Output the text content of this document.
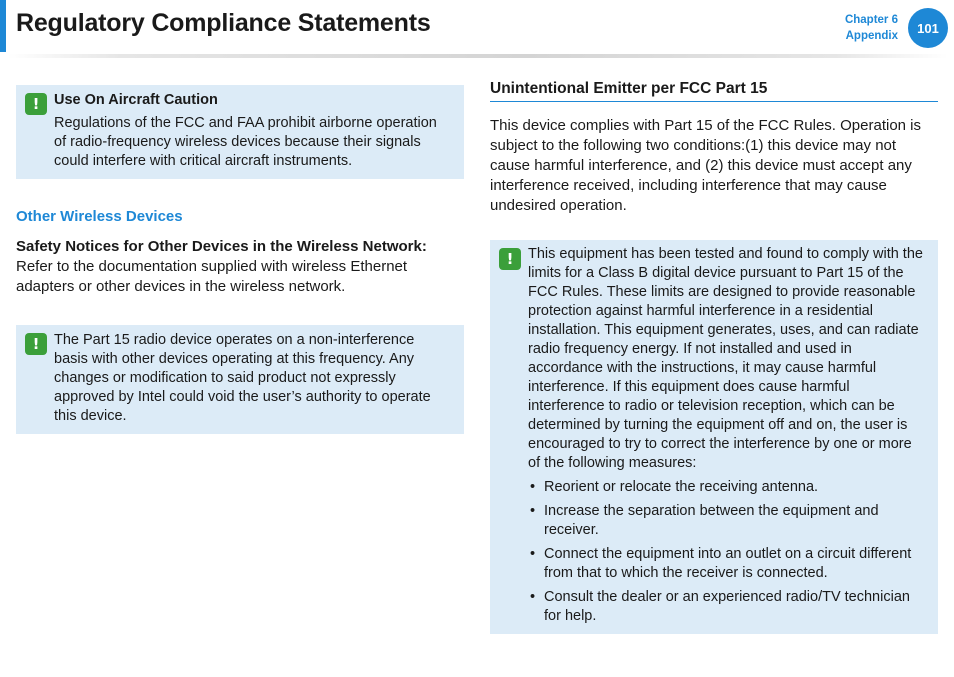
Regulatory Compliance Statements	Chapter 6
Appendix
101
!	Use On Aircraft Caution

Regulations of the FCC and FAA prohibit airborne operation of radio-frequency wireless devices because their signals could interfere with critical aircraft instruments.

Other Wireless Devices

Safety Notices for Other Devices in the Wireless Network:
Refer to the documentation supplied with wireless Ethernet adapters or other devices in the wireless network.

!	The Part 15 radio device operates on a non-interference basis with other devices operating at this frequency. Any changes or modification to said product not expressly approved by Intel could void the user’s authority to operate this device.

Unintentional Emitter per FCC Part 15

This device complies with Part 15 of the FCC Rules. Operation is subject to the following two conditions:(1) this device may not cause harmful interference, and (2) this device must accept any interference received, including interference that may cause undesired operation.

!	This equipment has been tested and found to comply with the limits for a Class B digital device pursuant to Part 15 of the FCC Rules. These limits are designed to provide reasonable protection against harmful interference in a residential installation. This equipment generates, uses, and can radiate radio frequency energy. If not installed and used in accordance with the instructions, it may cause harmful interference. If this equipment does cause harmful interference to radio or television reception, which can be determined by turning the equipment off and on, the user is encouraged to try to correct the interference by one or more of the following measures:

• Reorient or relocate the receiving antenna.
• Increase the separation between the equipment and receiver.
• Connect the equipment into an outlet on a circuit different from that to which the receiver is connected.
• Consult the dealer or an experienced radio/TV technician for help.
